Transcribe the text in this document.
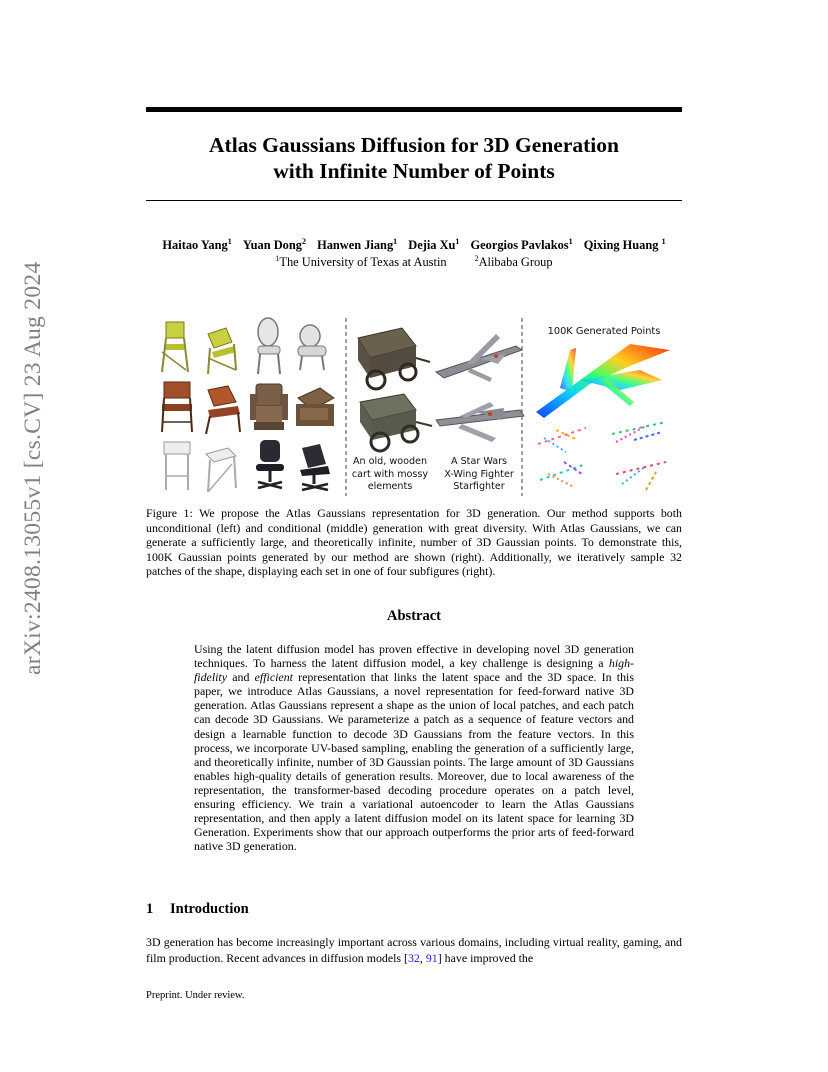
Atlas Gaussians Diffusion for 3D Generation
with Infinite Number of Points
Haitao Yang$^1$ Yuan Dong$^2$ Hanwen Jiang$^1$ Dejia Xu$^1$ Georgios Pavlakos$^1$ Qixing Huang $^1$
$^1$The University of Texas at Austin	$^2$Alibaba Group
arXiv:2408.13055v1 [cs.CV] 23 Aug 2024	An old, wooden
cart with mossy
elements
A Star Wars
X-Wing Fighter
Starfighter
100K Generated Points
Figure 1: We propose the Atlas Gaussians representation for 3D generation. Our method supports both unconditional (left) and conditional (middle) generation with great diversity. With Atlas Gaussians, we can generate a sufficiently large, and theoretically infinite, number of 3D Gaussian points. To demonstrate this, 100K Gaussian points generated by our method are shown (right). Additionally, we iteratively sample 32 patches of the shape, displaying each set in one of four subfigures (right).
Abstract
Using the latent diffusion model has proven effective in developing novel 3D generation techniques. To harness the latent diffusion model, a key challenge is designing a high-fidelity and efficient representation that links the latent space and the 3D space. In this paper, we introduce Atlas Gaussians, a novel representation for feed-forward native 3D generation. Atlas Gaussians represent a shape as the union of local patches, and each patch can decode 3D Gaussians. We parameterize a patch as a sequence of feature vectors and design a learnable function to decode 3D Gaussians from the feature vectors. In this process, we incorporate UV-based sampling, enabling the generation of a sufficiently large, and theoretically infinite, number of 3D Gaussian points. The large amount of 3D Gaussians enables high-quality details of generation results. Moreover, due to local awareness of the representation, the transformer-based decoding procedure operates on a patch level, ensuring efficiency. We train a variational autoencoder to learn the Atlas Gaussians representation, and then apply a latent diffusion model on its latent space for learning 3D Generation. Experiments show that our approach outperforms the prior arts of feed-forward native 3D generation.
1 Introduction
3D generation has become increasingly important across various domains, including virtual reality, gaming, and film production. Recent advances in diffusion models [32, 91] have improved the
Preprint. Under review.
